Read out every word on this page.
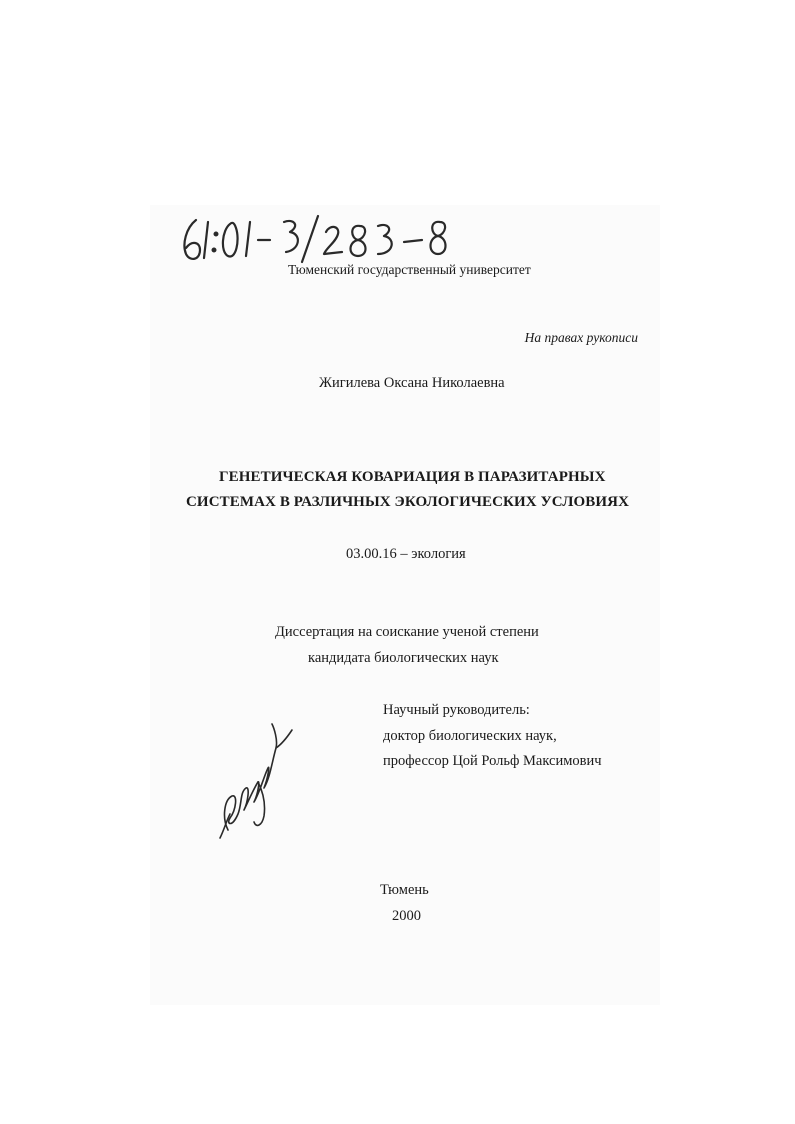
Тюменский государственный университет
На правах рукописи
Жигилева Оксана Николаевна
ГЕНЕТИЧЕСКАЯ КОВАРИАЦИЯ В ПАРАЗИТАРНЫХ
СИСТЕМАХ В РАЗЛИЧНЫХ ЭКОЛОГИЧЕСКИХ УСЛОВИЯХ
03.00.16 – экология
Диссертация на соискание ученой степени
кандидата биологических наук
Научный руководитель:
доктор биологических наук,
профессор Цой Рольф Максимович
Тюмень
2000
